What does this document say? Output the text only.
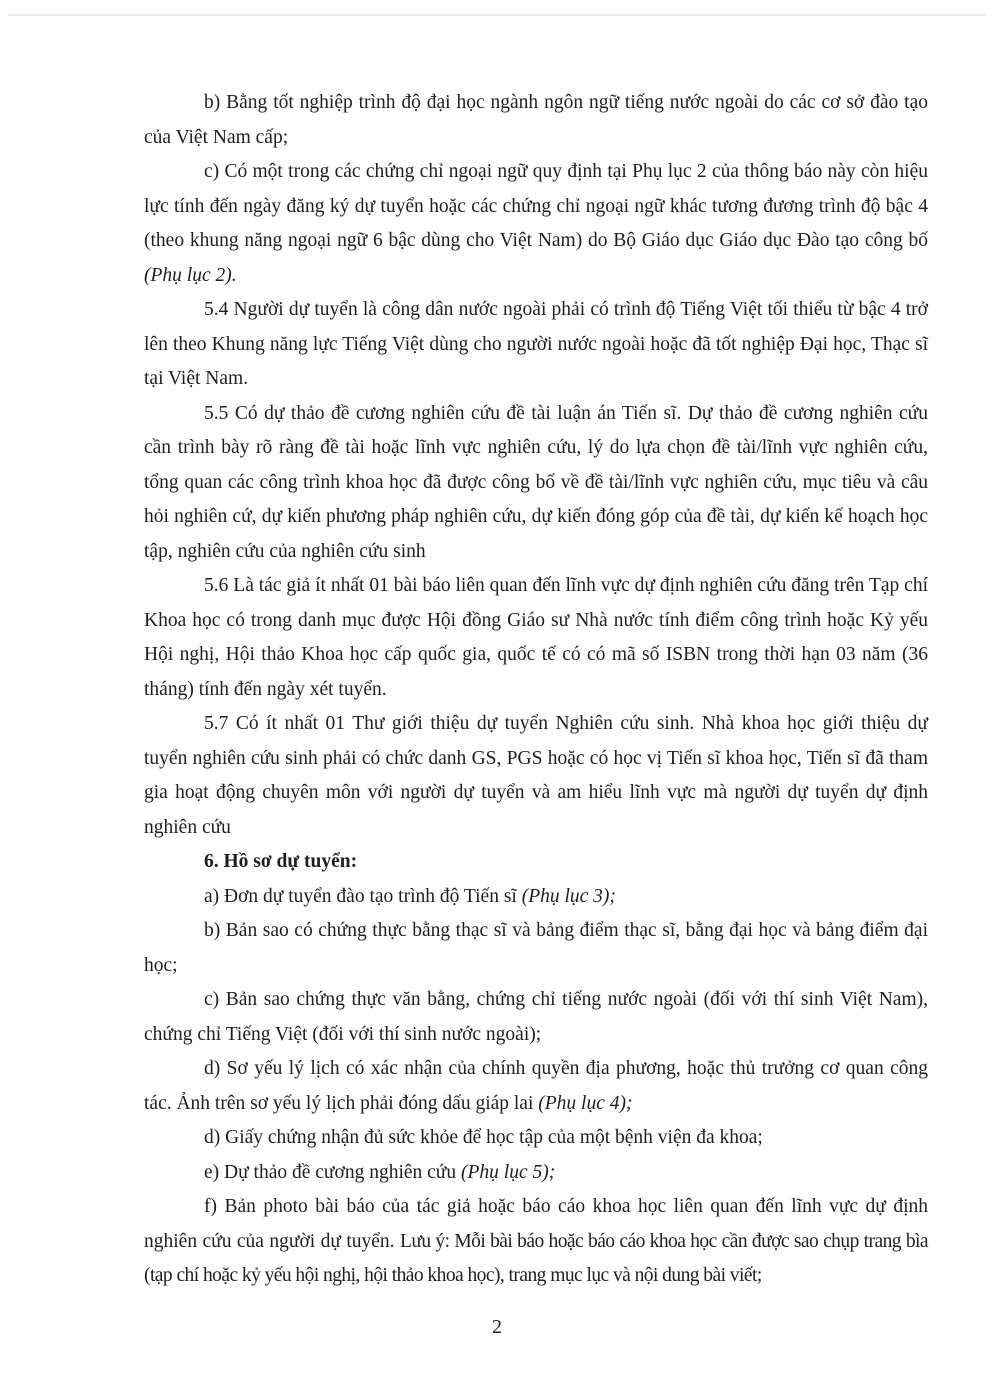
b) Bằng tốt nghiệp trình độ đại học ngành ngôn ngữ tiếng nước ngoài do các cơ sở đào tạo của Việt Nam cấp;

c) Có một trong các chứng chỉ ngoại ngữ quy định tại Phụ lục 2 của thông báo này còn hiệu lực tính đến ngày đăng ký dự tuyển hoặc các chứng chỉ ngoại ngữ khác tương đương trình độ bậc 4 (theo khung năng ngoại ngữ 6 bậc dùng cho Việt Nam) do Bộ Giáo dục Giáo dục Đào tạo công bố (Phụ lục 2).

5.4 Người dự tuyển là công dân nước ngoài phải có trình độ Tiếng Việt tối thiểu từ bậc 4 trở lên theo Khung năng lực Tiếng Việt dùng cho người nước ngoài hoặc đã tốt nghiệp Đại học, Thạc sĩ tại Việt Nam.

5.5 Có dự thảo đề cương nghiên cứu đề tài luận án Tiến sĩ. Dự thảo đề cương nghiên cứu cần trình bày rõ ràng đề tài hoặc lĩnh vực nghiên cứu, lý do lựa chọn đề tài/lĩnh vực nghiên cứu, tổng quan các công trình khoa học đã được công bố về đề tài/lĩnh vực nghiên cứu, mục tiêu và câu hỏi nghiên cứ, dự kiến phương pháp nghiên cứu, dự kiến đóng góp của đề tài, dự kiến kế hoạch học tập, nghiên cứu của nghiên cứu sinh

5.6 Là tác giả ít nhất 01 bài báo liên quan đến lĩnh vực dự định nghiên cứu đăng trên Tạp chí Khoa học có trong danh mục được Hội đồng Giáo sư Nhà nước tính điểm công trình hoặc Kỷ yếu Hội nghị, Hội thảo Khoa học cấp quốc gia, quốc tế có có mã số ISBN trong thời hạn 03 năm (36 tháng) tính đến ngày xét tuyển.

5.7 Có ít nhất 01 Thư giới thiệu dự tuyển Nghiên cứu sinh. Nhà khoa học giới thiệu dự tuyển nghiên cứu sinh phải có chức danh GS, PGS hoặc có học vị Tiến sĩ khoa học, Tiến sĩ đã tham gia hoạt động chuyên môn với người dự tuyển và am hiểu lĩnh vực mà người dự tuyển dự định nghiên cứu

6. Hồ sơ dự tuyển:

a) Đơn dự tuyển đào tạo trình độ Tiến sĩ (Phụ lục 3);

b) Bản sao có chứng thực bằng thạc sĩ và bảng điểm thạc sĩ, bằng đại học và bảng điểm đại học;

c) Bản sao chứng thực văn bằng, chứng chỉ tiếng nước ngoài (đối với thí sinh Việt Nam), chứng chỉ Tiếng Việt (đối với thí sinh nước ngoài);

d) Sơ yếu lý lịch có xác nhận của chính quyền địa phương, hoặc thủ trưởng cơ quan công tác. Ảnh trên sơ yếu lý lịch phải đóng dấu giáp lai (Phụ lục 4);

d) Giấy chứng nhận đủ sức khỏe để học tập của một bệnh viện đa khoa;

e) Dự thảo đề cương nghiên cứu (Phụ lục 5);

f) Bản photo bài báo của tác giả hoặc báo cáo khoa học liên quan đến lĩnh vực dự định nghiên cứu của người dự tuyển. Lưu ý: Mỗi bài báo hoặc báo cáo khoa học cần được sao chụp trang bìa (tạp chí hoặc kỷ yếu hội nghị, hội thảo khoa học), trang mục lục và nội dung bài viết;

2
